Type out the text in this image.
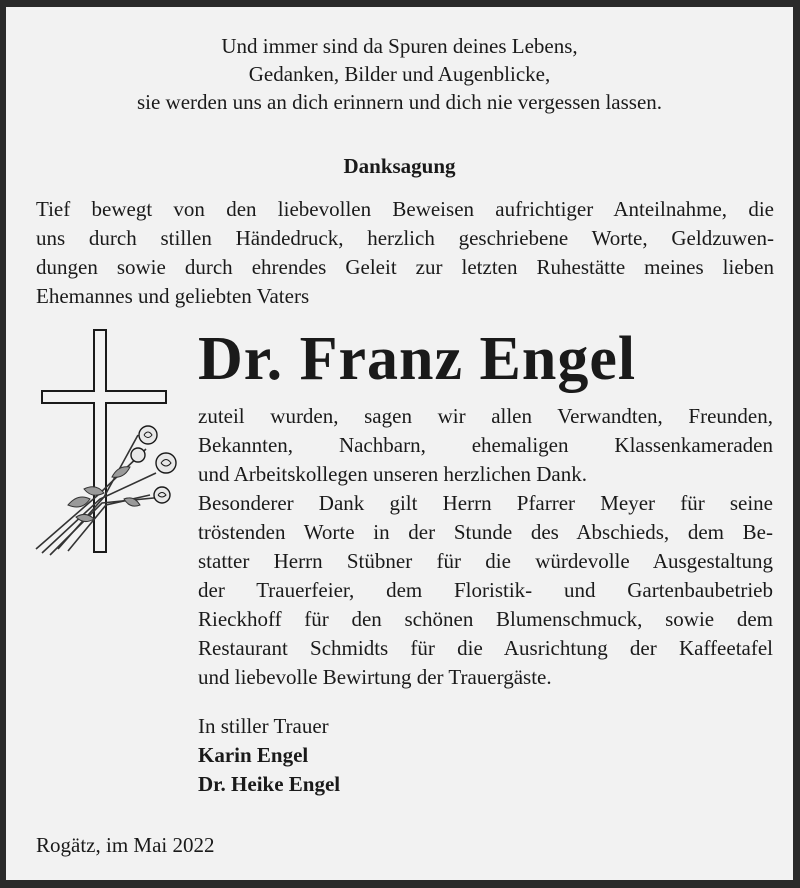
Und immer sind da Spuren deines Lebens,
Gedanken, Bilder und Augenblicke,
sie werden uns an dich erinnern und dich nie vergessen lassen.
Danksagung
Tief bewegt von den liebevollen Beweisen aufrichtiger Anteilnahme, die
uns durch stillen Händedruck, herzlich geschriebene Worte, Geldzuwen-
dungen sowie durch ehrendes Geleit zur letzten Ruhestätte meines lieben
Ehemannes und geliebten Vaters
Dr. Franz Engel
zuteil wurden, sagen wir allen Verwandten, Freunden,
Bekannten, Nachbarn, ehemaligen Klassenkameraden
und Arbeitskollegen unseren herzlichen Dank.
Besonderer Dank gilt Herrn Pfarrer Meyer für seine
tröstenden Worte in der Stunde des Abschieds, dem Be-
statter Herrn Stübner für die würdevolle Ausgestaltung
der Trauerfeier, dem Floristik- und Gartenbaubetrieb
Rieckhoff für den schönen Blumenschmuck, sowie dem
Restaurant Schmidts für die Ausrichtung der Kaffeetafel
und liebevolle Bewirtung der Trauergäste.
In stiller Trauer
Karin Engel
Dr. Heike Engel
Rogätz, im Mai 2022
